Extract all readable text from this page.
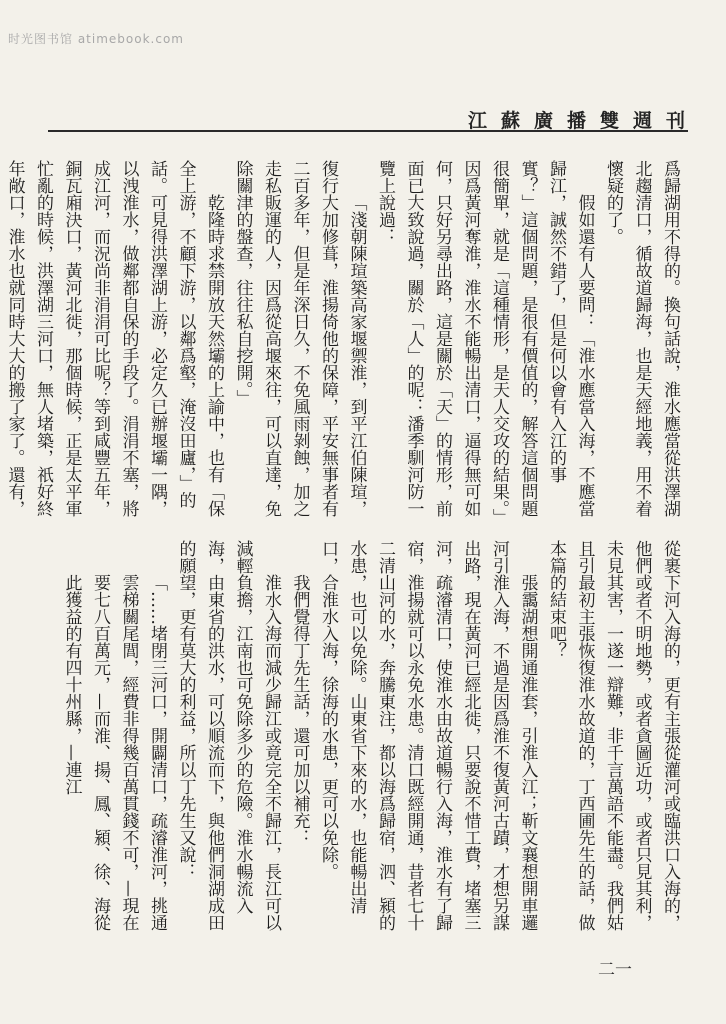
时光图书馆 atimebook.com
江蘇廣播雙週刊

爲歸湖用不得的。換句話說，淮水應當從洪澤湖北趨清口，循故道歸海，也是天經地義，用不着懷疑的了。

假如還有人要問：「淮水應當入海，不應當歸江，誠然不錯了，但是何以會有入江的事實？」這個問題，是很有價值的，解答這個問題很簡單，就是「這種情形，是天人交攻的結果。」因爲黃河奪淮，淮水不能暢出清口，逼得無可如何，只好另尋出路，這是關於「天」的情形，前面已大致說過，關於「人」的呢：潘季馴河防一覽上說過：

「淺朝陳瑄築高家堰禦淮，到平江伯陳瑄，復行大加修葺，淮揚倚他的保障，平安無事者有二百多年，但是年深日久，不免風雨剝蝕，加之走私販運的人，因爲從高堰來往，可以直達，免除關津的盤查，往往私自挖開。」

乾隆時求禁開放天然壩的上諭中，也有「保全上游，不顧下游，以鄰爲壑，淹沒田廬，」的話。可見得洪澤湖上游，必定久已辦堰壩一隅，以洩淮水，做鄰都自保的手段了。涓涓不塞，將成江河，而況尚非涓涓可比呢？等到咸豐五年，銅瓦廂決口，黃河北徙，那個時候，正是太平軍忙亂的時候，洪澤湖三河口，無人堵築，祇好終年敞口，淮水也就同時大大的搬了家了。還有，

從裹下河入海的，更有主張從灌河或臨洪口入海的，他們或者不明地勢，或者貪圖近功，或者只見其利，未見其害，一遂一辯難，非千言萬語不能盡。我們姑且引最初主張恢復淮水故道的，丁西圃先生的話，做本篇的結束吧？

張靄湖想開通淮套，引淮入江；靳文襄想開車邏河引淮入海，不過是因爲淮不復黃河古蹟，才想另謀出路，現在黃河已經北徙，只要說不惜工費，堵塞三河，疏濬清口，使淮水由故道暢行入海，淮水有了歸宿，淮揚就可以永免水患。清口既經開通，昔者七十二清山河的水，奔騰東注，都以海爲歸宿，泗、潁的水患，也可以免除。山東省下來的水，也能暢出清口，合淮水入海，徐海的水患，更可以免除。

我們覺得丁先生話，還可加以補充：

淮水入海而減少歸江或竟完全不歸江，長江可以減輕負擔，江南也可免除多少的危險。淮水暢流入海，由東省的洪水，可以順流而下，與他們洞湖成田的願望，更有莫大的利益，所以丁先生又說：

「……堵閉三河口，開闢清口，疏濬淮河，挑通雲梯關尾閭，經費非得幾百萬貫錢不可，—現在要七八百萬元，—而淮、揚、鳳、潁、徐、海從此獲益的有四十州縣，—連江

二一
